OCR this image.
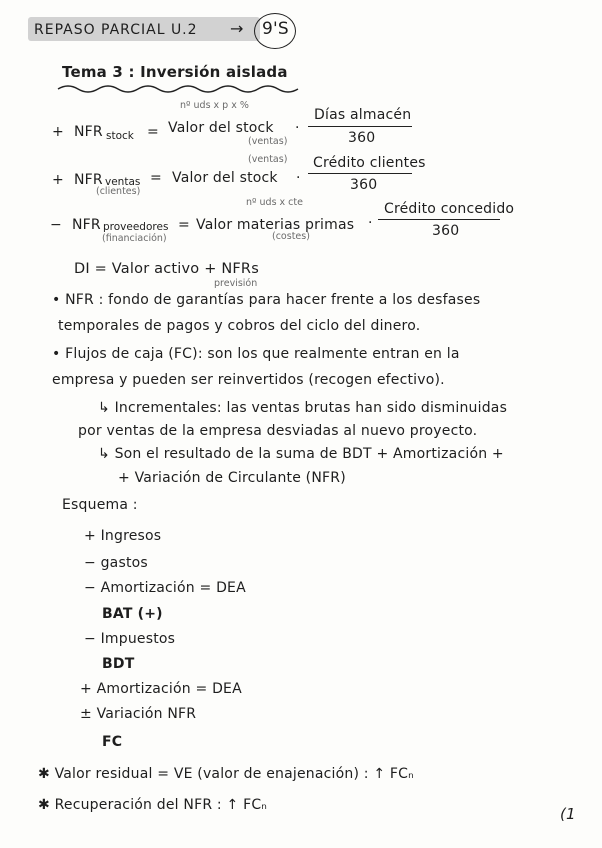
REPASO PARCIAL U.2 → 9'S
Tema 3 : Inversión aislada
nº uds x p x %
+ NFR stock = Valor del stock
(ventas)
·
Días almacén
360
(ventas)
+ NFR ventas
(clientes)
= Valor del stock ·
Crédito clientes
360
nº uds x cte
− NFR proveedores
(financiación)
= Valor materias primas
(costes)
·
Crédito concedido
360
previsión
DI = Valor activo + NFRs
• NFR : fondo de garantías para hacer frente a los desfases
temporales de pagos y cobros del ciclo del dinero.
• Flujos de caja (FC): son los que realmente entran en la
empresa y pueden ser reinvertidos (recogen efectivo).
↳ Incrementales: las ventas brutas han sido disminuidas
por ventas de la empresa desviadas al nuevo proyecto.
↳ Son el resultado de la suma de BDT + Amortización +
+ Variación de Circulante (NFR)
Esquema :
+ Ingresos
− gastos
− Amortización = DEA
BAT (+)
− Impuestos
BDT
+ Amortización = DEA
± Variación NFR
FC
✱ Valor residual = VE (valor de enajenación) : ↑ FCₙ
✱ Recuperación del NFR : ↑ FCₙ	(1
